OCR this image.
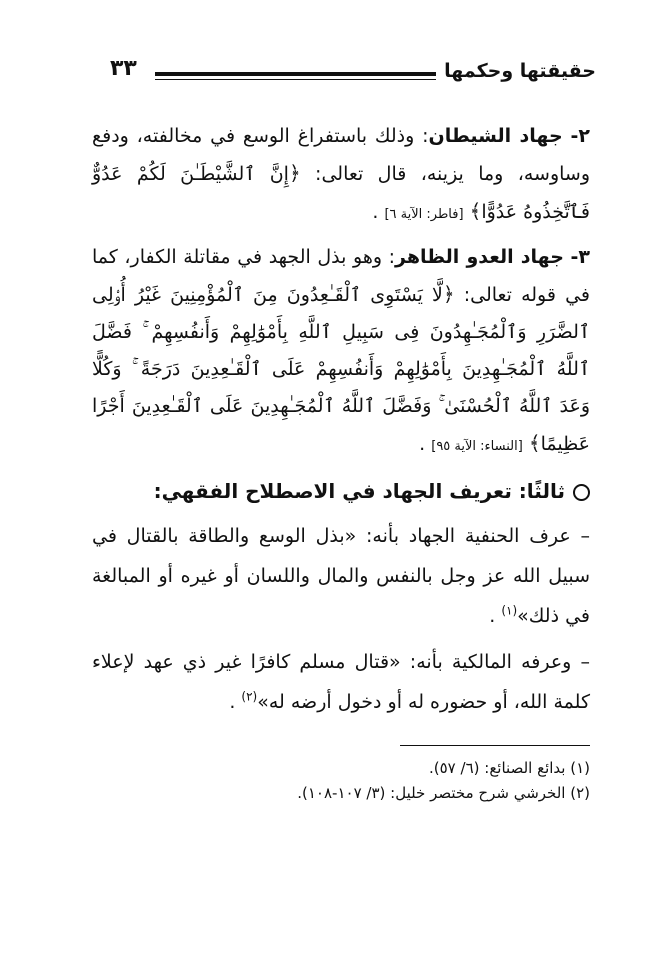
حقيقتها وحكمها
٣٣

٢- جهاد الشيطان: وذلك باستفراغ الوسع في مخالفته، ودفع وساوسه، وما يزينه، قال تعالى: ﴿إِنَّ ٱلشَّيْطَـٰنَ لَكُمْ عَدُوٌّ فَٱتَّخِذُوهُ عَدُوًّا﴾ [فاطر: الآية ٦] .

٣- جهاد العدو الظاهر: وهو بذل الجهد في مقاتلة الكفار، كما في قوله تعالى: ﴿لَّا يَسْتَوِى ٱلْقَـٰعِدُونَ مِنَ ٱلْمُؤْمِنِينَ غَيْرُ أُو۟لِى ٱلضَّرَرِ وَٱلْمُجَـٰهِدُونَ فِى سَبِيلِ ٱللَّهِ بِأَمْوَٰلِهِمْ وَأَنفُسِهِمْ ۚ فَضَّلَ ٱللَّهُ ٱلْمُجَـٰهِدِينَ بِأَمْوَٰلِهِمْ وَأَنفُسِهِمْ عَلَى ٱلْقَـٰعِدِينَ دَرَجَةً ۚ وَكُلًّا وَعَدَ ٱللَّهُ ٱلْحُسْنَىٰ ۚ وَفَضَّلَ ٱللَّهُ ٱلْمُجَـٰهِدِينَ عَلَى ٱلْقَـٰعِدِينَ أَجْرًا عَظِيمًا﴾ [النساء: الآية ٩٥] .

ثالثًا: تعريف الجهاد في الاصطلاح الفقهي:

– عرف الحنفية الجهاد بأنه: «بذل الوسع والطاقة بالقتال في سبيل الله عز وجل بالنفس والمال واللسان أو غيره أو المبالغة في ذلك»$^{(١)}$ .

– وعرفه المالكية بأنه: «قتال مسلم كافرًا غير ذي عهد لإعلاء كلمة الله، أو حضوره له أو دخول أرضه له»$^{(٢)}$ .

(١) بدائع الصنائع: (٦/ ٥٧).
(٢) الخرشي شرح مختصر خليل: (٣/ ١٠٧-١٠٨).
